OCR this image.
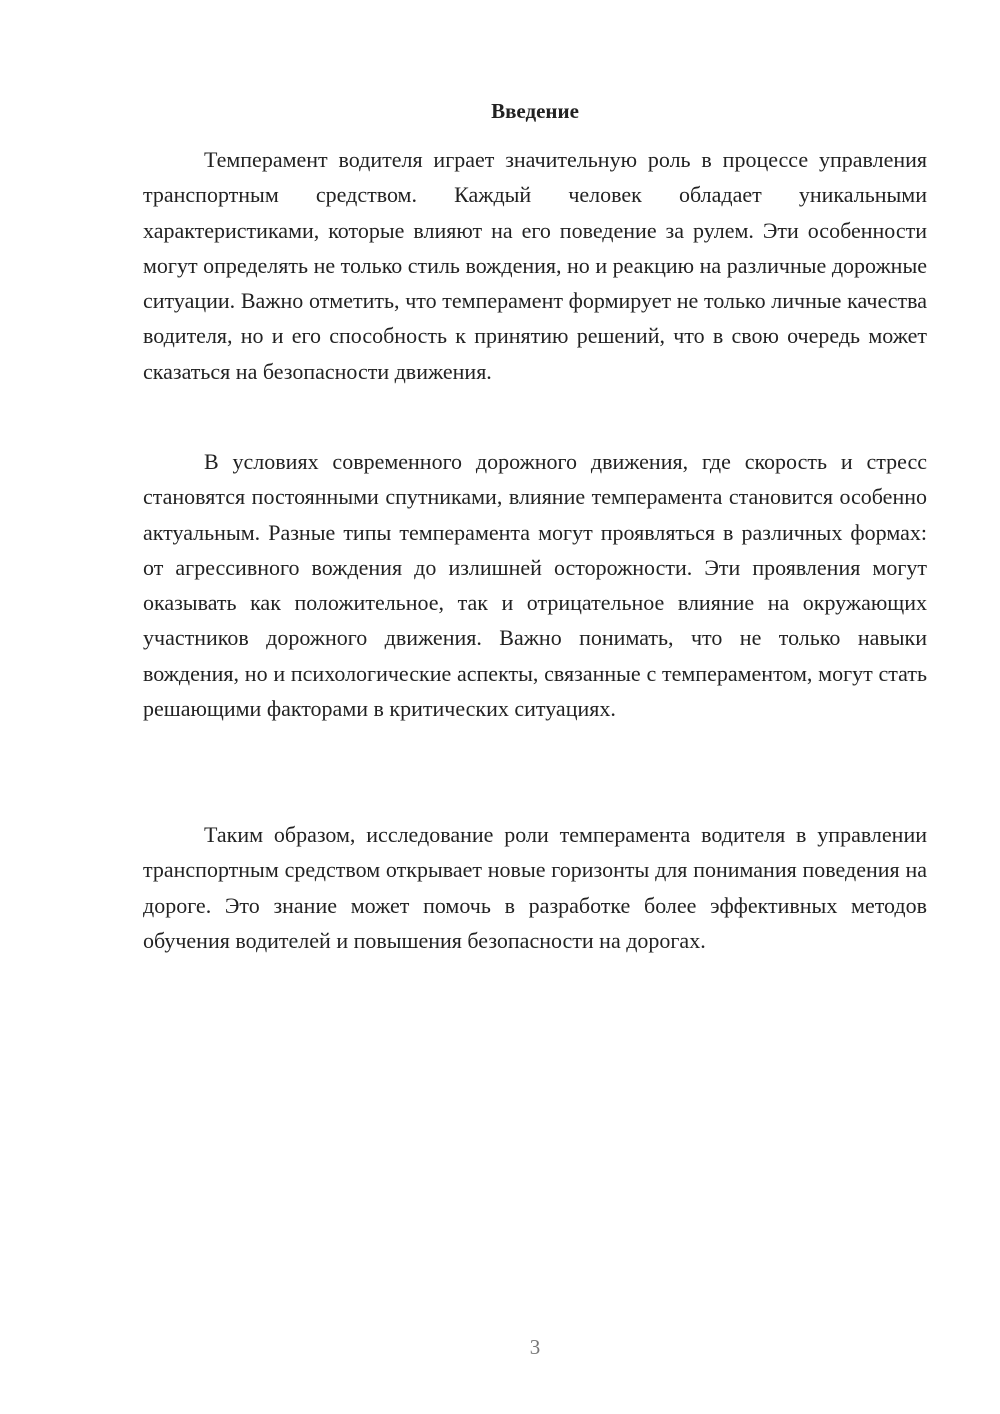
Введение

Темперамент водителя играет значительную роль в процессе управления транспортным средством. Каждый человек обладает уникальными характеристиками, которые влияют на его поведение за рулем. Эти особенности могут определять не только стиль вождения, но и реакцию на различные дорожные ситуации. Важно отметить, что темперамент формирует не только личные качества водителя, но и его способность к принятию решений, что в свою очередь может сказаться на безопасности движения.

В условиях современного дорожного движения, где скорость и стресс становятся постоянными спутниками, влияние темперамента становится особенно актуальным. Разные типы темперамента могут проявляться в различных формах: от агрессивного вождения до излишней осторожности. Эти проявления могут оказывать как положительное, так и отрицательное влияние на окружающих участников дорожного движения. Важно понимать, что не только навыки вождения, но и психологические аспекты, связанные с темпераментом, могут стать решающими факторами в критических ситуациях.

Таким образом, исследование роли темперамента водителя в управлении транспортным средством открывает новые горизонты для понимания поведения на дороге. Это знание может помочь в разработке более эффективных методов обучения водителей и повышения безопасности на дорогах.

3
